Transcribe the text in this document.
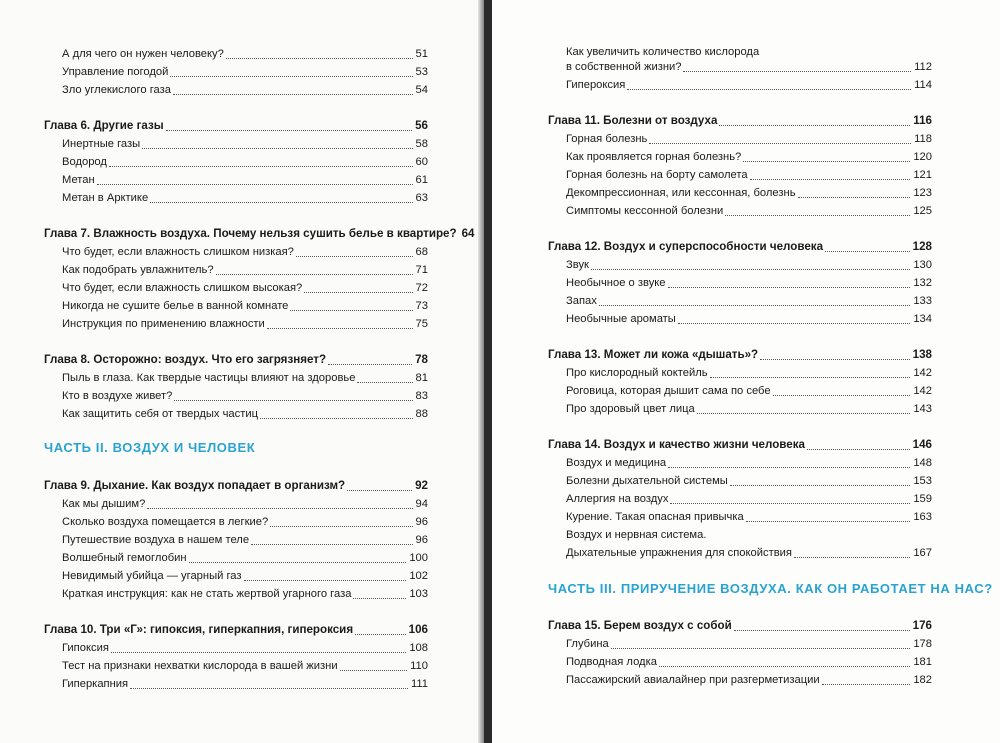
А для чего он нужен человеку?	51
Управление погодой	53
Зло углекислого газа	54
Глава 6. Другие газы	56
Инертные газы	58
Водород	60
Метан	61
Метан в Арктике	63
Глава 7. Влажность воздуха. Почему нельзя сушить белье в квартире? 64
Что будет, если влажность слишком низкая?	68
Как подобрать увлажнитель?	71
Что будет, если влажность слишком высокая?	72
Никогда не сушите белье в ванной комнате	73
Инструкция по применению влажности	75
Глава 8. Осторожно: воздух. Что его загрязняет?	78
Пыль в глаза. Как твердые частицы влияют на здоровье	81
Кто в воздухе живет?	83
Как защитить себя от твердых частиц	88
ЧАСТЬ II. ВОЗДУХ И ЧЕЛОВЕК
Глава 9. Дыхание. Как воздух попадает в организм?	92
Как мы дышим?	94
Сколько воздуха помещается в легкие?	96
Путешествие воздуха в нашем теле	96
Волшебный гемоглобин	100
Невидимый убийца — угарный газ	102
Краткая инструкция: как не стать жертвой угарного газа	103
Глава 10. Три «Г»: гипоксия, гиперкапния, гипероксия	106
Гипоксия	108
Тест на признаки нехватки кислорода в вашей жизни	110
Гиперкапния	111
Как увеличить количество кислорода
в собственной жизни?	112
Гипероксия	114
Глава 11. Болезни от воздуха	116
Горная болезнь	118
Как проявляется горная болезнь?	120
Горная болезнь на борту самолета	121
Декомпрессионная, или кессонная, болезнь	123
Симптомы кессонной болезни	125
Глава 12. Воздух и суперспособности человека	128
Звук	130
Необычное о звуке	132
Запах	133
Необычные ароматы	134
Глава 13. Может ли кожа «дышать»?	138
Про кислородный коктейль	142
Роговица, которая дышит сама по себе	142
Про здоровый цвет лица	143
Глава 14. Воздух и качество жизни человека	146
Воздух и медицина	148
Болезни дыхательной системы	153
Аллергия на воздух	159
Курение. Такая опасная привычка	163
Воздух и нервная система.
Дыхательные упражнения для спокойствия	167
ЧАСТЬ III. ПРИРУЧЕНИЕ ВОЗДУХА. КАК ОН РАБОТАЕТ НА НАС?
Глава 15. Берем воздух с собой	176
Глубина	178
Подводная лодка	181
Пассажирский авиалайнер при разгерметизации	182
